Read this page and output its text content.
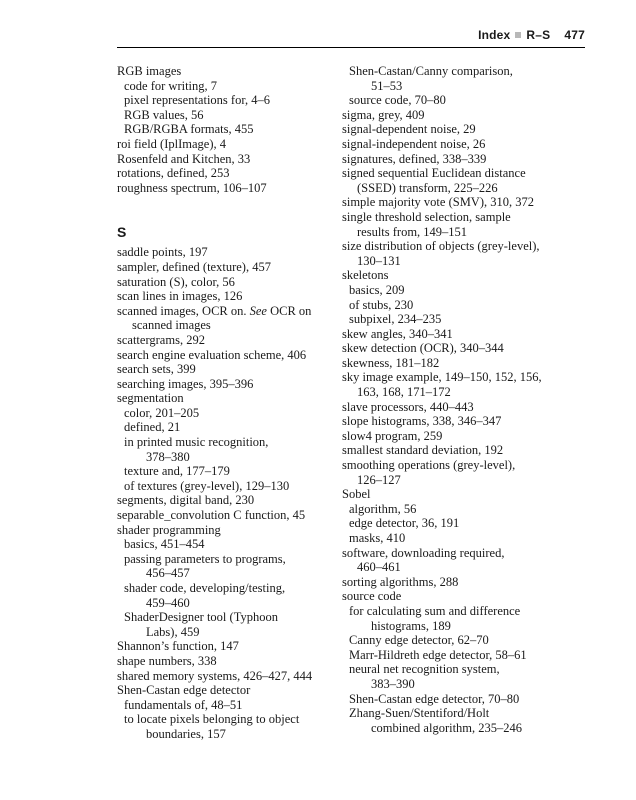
Index R–S 477
RGB images
code for writing, 7
pixel representations for, 4–6
RGB values, 56
RGB/RGBA formats, 455
roi field (IplImage), 4
Rosenfeld and Kitchen, 33
rotations, defined, 253
roughness spectrum, 106–107
S
saddle points, 197
sampler, defined (texture), 457
saturation (S), color, 56
scan lines in images, 126
scanned images, OCR on. See OCR on
scanned images
scattergrams, 292
search engine evaluation scheme, 406
search sets, 399
searching images, 395–396
segmentation
color, 201–205
defined, 21
in printed music recognition,
378–380
texture and, 177–179
of textures (grey-level), 129–130
segments, digital band, 230
separable_convolution C function, 45
shader programming
basics, 451–454
passing parameters to programs,
456–457
shader code, developing/testing,
459–460
ShaderDesigner tool (Typhoon
Labs), 459
Shannon’s function, 147
shape numbers, 338
shared memory systems, 426–427, 444
Shen-Castan edge detector
fundamentals of, 48–51
to locate pixels belonging to object
boundaries, 157
Shen-Castan/Canny comparison,
51–53
source code, 70–80
sigma, grey, 409
signal-dependent noise, 29
signal-independent noise, 26
signatures, defined, 338–339
signed sequential Euclidean distance
(SSED) transform, 225–226
simple majority vote (SMV), 310, 372
single threshold selection, sample
results from, 149–151
size distribution of objects (grey-level),
130–131
skeletons
basics, 209
of stubs, 230
subpixel, 234–235
skew angles, 340–341
skew detection (OCR), 340–344
skewness, 181–182
sky image example, 149–150, 152, 156,
163, 168, 171–172
slave processors, 440–443
slope histograms, 338, 346–347
slow4 program, 259
smallest standard deviation, 192
smoothing operations (grey-level),
126–127
Sobel
algorithm, 56
edge detector, 36, 191
masks, 410
software, downloading required,
460–461
sorting algorithms, 288
source code
for calculating sum and difference
histograms, 189
Canny edge detector, 62–70
Marr-Hildreth edge detector, 58–61
neural net recognition system,
383–390
Shen-Castan edge detector, 70–80
Zhang-Suen/Stentiford/Holt
combined algorithm, 235–246
